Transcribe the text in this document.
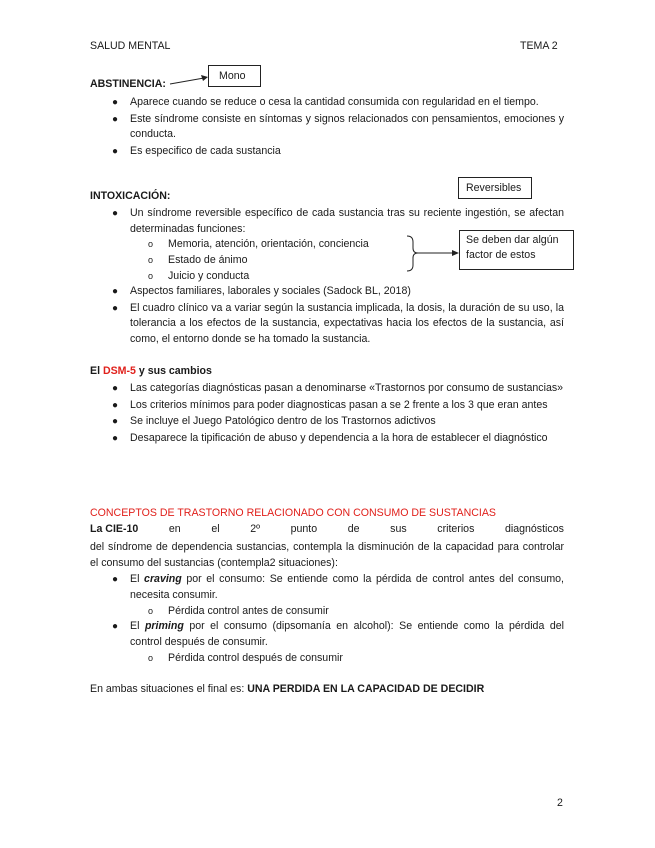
SALUD MENTAL	TEMA 2
ABSTINENCIA:
Mono
● Aparece cuando se reduce o cesa la cantidad consumida con regularidad en el tiempo.
● Este síndrome consiste en síntomas y signos relacionados con pensamientos, emociones y conducta.
● Es especifico de cada sustancia
Reversibles
INTOXICACIÓN:
● Un síndrome reversible específico de cada sustancia tras su reciente ingestión, se afectan determinadas funciones:
o Memoria, atención, orientación, conciencia
o Estado de ánimo
o Juicio y conducta
Se deben dar algún factor de estos
● Aspectos familiares, laborales y sociales (Sadock BL, 2018)
● El cuadro clínico va a variar según la sustancia implicada, la dosis, la duración de su uso, la tolerancia a los efectos de la sustancia, expectativas hacia los efectos de la sustancia, así como, el entorno donde se ha tomado la sustancia.
El DSM-5 y sus cambios
● Las categorías diagnósticas pasan a denominarse «Trastornos por consumo de sustancias»
● Los criterios mínimos para poder diagnosticas pasan a se 2 frente a los 3 que eran antes
● Se incluye el Juego Patológico dentro de los Trastornos adictivos
● Desaparece la tipificación de abuso y dependencia a la hora de establecer el diagnóstico
CONCEPTOS DE TRASTORNO RELACIONADO CON CONSUMO DE SUSTANCIAS
La CIE-10	en	el	2º	punto	de	sus	criterios	diagnósticos
del síndrome de dependencia sustancias, contempla la disminución de la capacidad para controlar el consumo del sustancias (contempla2 situaciones):
● El craving por el consumo: Se entiende como la pérdida de control antes del consumo, necesita consumir.
o Pérdida control antes de consumir
● El priming por el consumo (dipsomanía en alcohol): Se entiende como la pérdida del control después de consumir.
o Pérdida control después de consumir
En ambas situaciones el final es: UNA PERDIDA EN LA CAPACIDAD DE DECIDIR
2
